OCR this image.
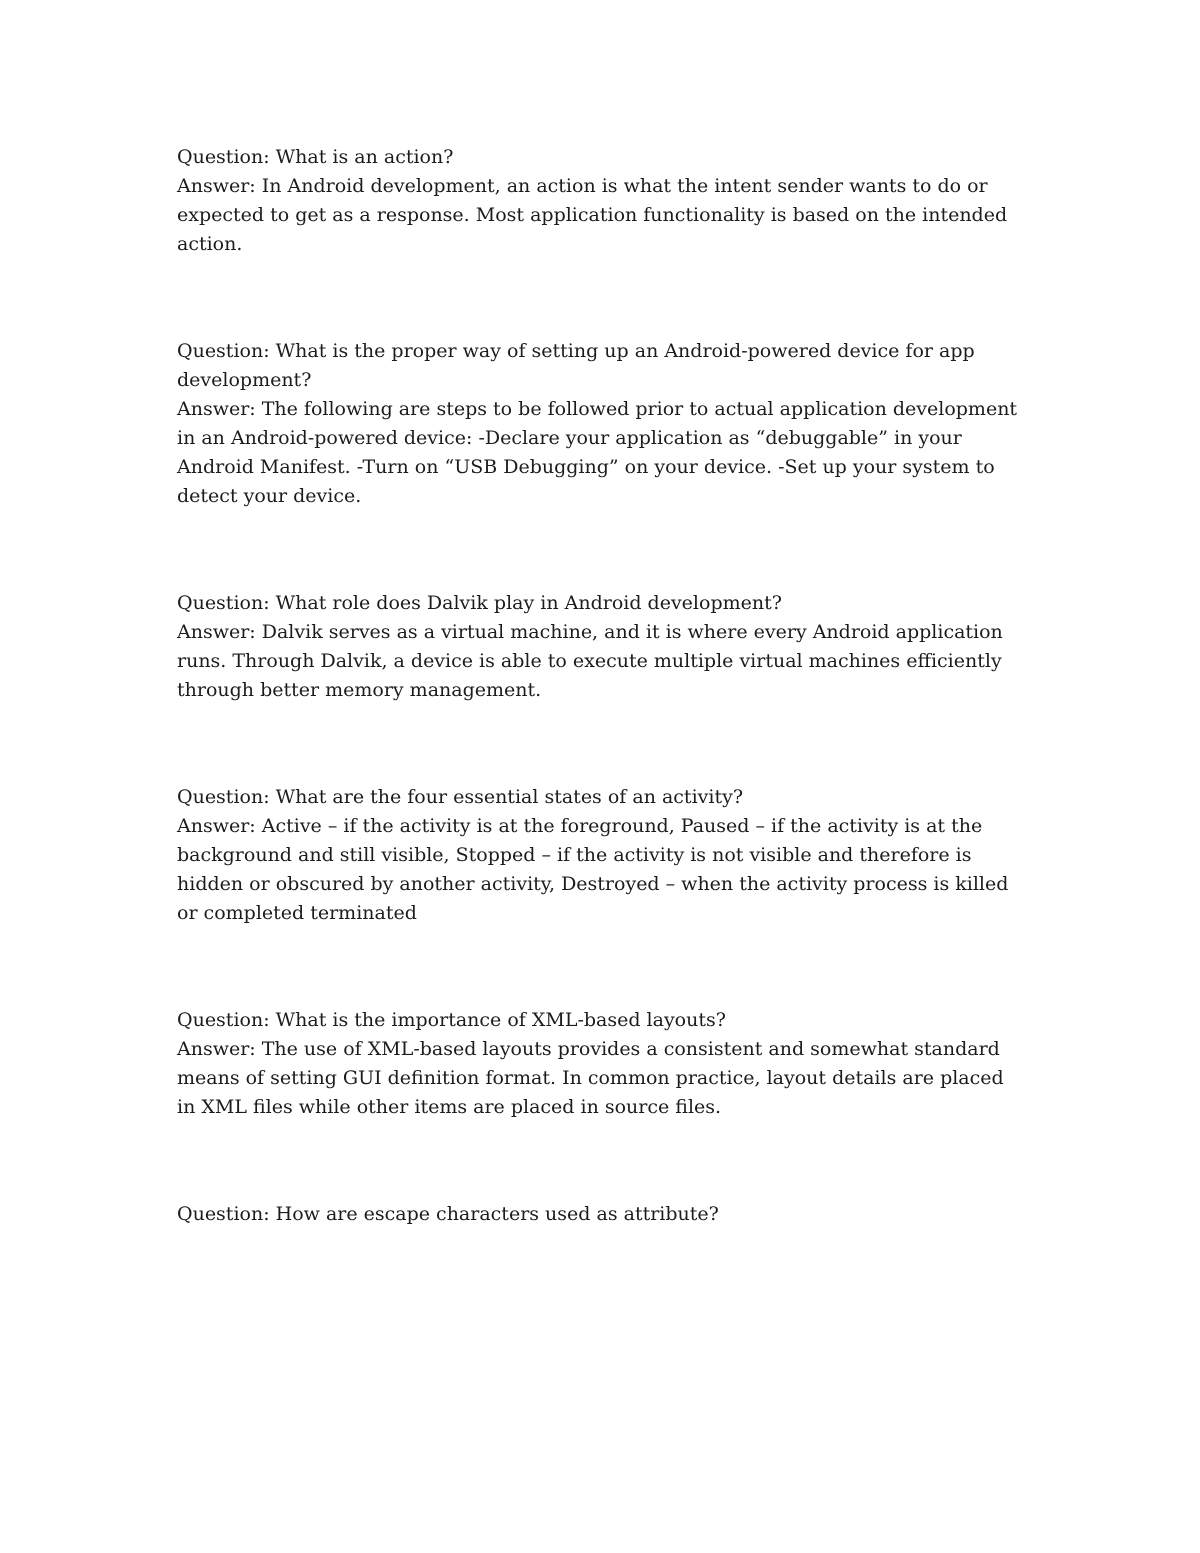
Question: What is an action?

Answer: In Android development, an action is what the intent sender wants to do or expected to get as a response. Most application functionality is based on the intended action.

Question: What is the proper way of setting up an Android-powered device for app development?

Answer: The following are steps to be followed prior to actual application development in an Android-powered device: -Declare your application as “debuggable” in your Android Manifest. -Turn on “USB Debugging” on your device. -Set up your system to detect your device.

Question: What role does Dalvik play in Android development?

Answer: Dalvik serves as a virtual machine, and it is where every Android application runs. Through Dalvik, a device is able to execute multiple virtual machines efficiently through better memory management.

Question: What are the four essential states of an activity?

Answer: Active – if the activity is at the foreground, Paused – if the activity is at the background and still visible, Stopped – if the activity is not visible and therefore is hidden or obscured by another activity, Destroyed – when the activity process is killed or completed terminated

Question: What is the importance of XML-based layouts?

Answer: The use of XML-based layouts provides a consistent and somewhat standard means of setting GUI definition format. In common practice, layout details are placed in XML files while other items are placed in source files.

Question: How are escape characters used as attribute?
